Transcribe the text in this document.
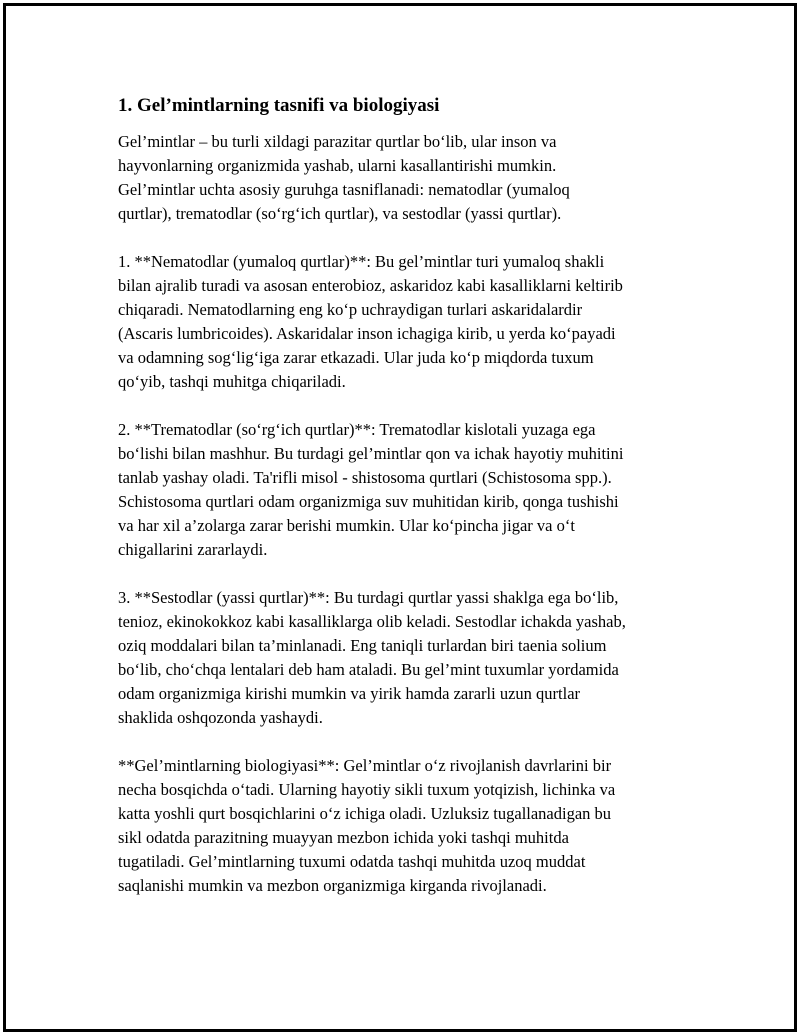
1. Gel’mintlarning tasnifi va biologiyasi
Gel’mintlar – bu turli xildagi parazitar qurtlar bo‘lib, ular inson va
hayvonlarning organizmida yashab, ularni kasallantirishi mumkin.
Gel’mintlar uchta asosiy guruhga tasniflanadi: nematodlar (yumaloq
qurtlar), trematodlar (so‘rg‘ich qurtlar), va sestodlar (yassi qurtlar).
1. **Nematodlar (yumaloq qurtlar)**: Bu gel’mintlar turi yumaloq shakli
bilan ajralib turadi va asosan enterobioz, askaridoz kabi kasalliklarni keltirib
chiqaradi. Nematodlarning eng ko‘p uchraydigan turlari askaridalardir
(Ascaris lumbricoides). Askaridalar inson ichagiga kirib, u yerda ko‘payadi
va odamning sog‘lig‘iga zarar etkazadi. Ular juda ko‘p miqdorda tuxum
qo‘yib, tashqi muhitga chiqariladi.
2. **Trematodlar (so‘rg‘ich qurtlar)**: Trematodlar kislotali yuzaga ega
bo‘lishi bilan mashhur. Bu turdagi gel’mintlar qon va ichak hayotiy muhitini
tanlab yashay oladi. Ta'rifli misol - shistosoma qurtlari (Schistosoma spp.).
Schistosoma qurtlari odam organizmiga suv muhitidan kirib, qonga tushishi
va har xil a’zolarga zarar berishi mumkin. Ular ko‘pincha jigar va o‘t
chigallarini zararlaydi.
3. **Sestodlar (yassi qurtlar)**: Bu turdagi qurtlar yassi shaklga ega bo‘lib,
tenioz, ekinokokkoz kabi kasalliklarga olib keladi. Sestodlar ichakda yashab,
oziq moddalari bilan ta’minlanadi. Eng taniqli turlardan biri taenia solium
bo‘lib, cho‘chqa lentalari deb ham ataladi. Bu gel’mint tuxumlar yordamida
odam organizmiga kirishi mumkin va yirik hamda zararli uzun qurtlar
shaklida oshqozonda yashaydi.
**Gel’mintlarning biologiyasi**: Gel’mintlar o‘z rivojlanish davrlarini bir
necha bosqichda o‘tadi. Ularning hayotiy sikli tuxum yotqizish, lichinka va
katta yoshli qurt bosqichlarini o‘z ichiga oladi. Uzluksiz tugallanadigan bu
sikl odatda parazitning muayyan mezbon ichida yoki tashqi muhitda
tugatiladi. Gel’mintlarning tuxumi odatda tashqi muhitda uzoq muddat
saqlanishi mumkin va mezbon organizmiga kirganda rivojlanadi.
